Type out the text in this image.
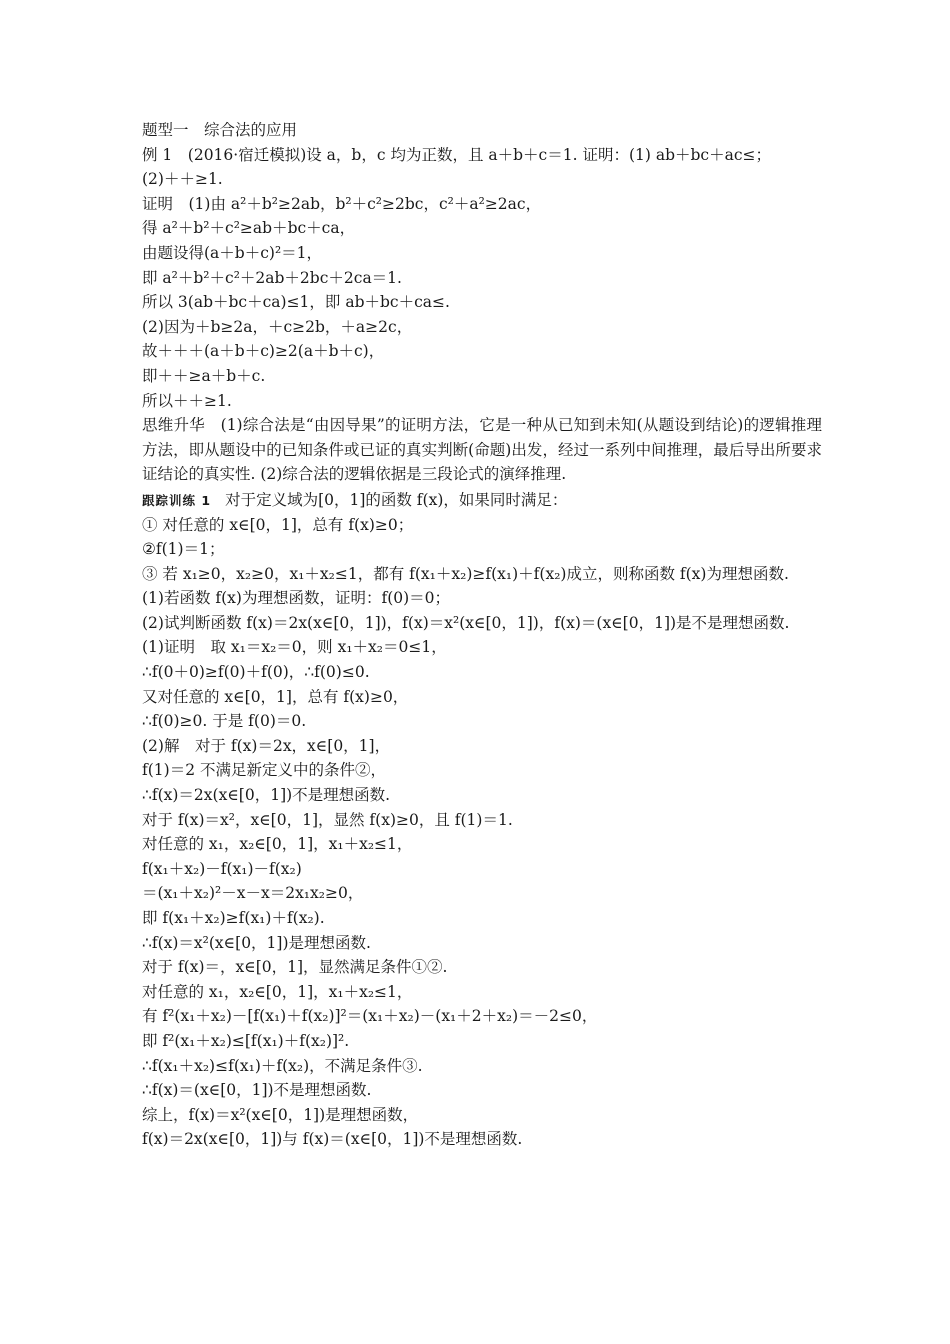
题型一　综合法的应用
例 1　(2016·宿迁模拟)设 a，b，c 均为正数，且 a＋b＋c＝1. 证明：(1) ab＋bc＋ac≤；
(2)＋＋≥1.
证明　(1)由 a²＋b²≥2ab，b²＋c²≥2bc，c²＋a²≥2ac，
得 a²＋b²＋c²≥ab＋bc＋ca，
由题设得(a＋b＋c)²＝1，
即 a²＋b²＋c²＋2ab＋2bc＋2ca＝1.
所以 3(ab＋bc＋ca)≤1，即 ab＋bc＋ca≤.
(2)因为＋b≥2a，＋c≥2b，＋a≥2c，
故＋＋＋(a＋b＋c)≥2(a＋b＋c)，
即＋＋≥a＋b＋c.
所以＋＋≥1.
思维升华　(1)综合法是“由因导果”的证明方法，它是一种从已知到未知(从题设到结论)的逻辑推理方法，即从题设中的已知条件或已证的真实判断(命题)出发，经过一系列中间推理，最后导出所要求证结论的真实性. (2)综合法的逻辑依据是三段论式的演绎推理.
跟踪训练 1 对于定义域为[0，1]的函数 f(x)，如果同时满足：
① 对任意的 x∈[0，1]，总有 f(x)≥0；
②f(1)＝1；
③ 若 x₁≥0，x₂≥0，x₁＋x₂≤1，都有 f(x₁＋x₂)≥f(x₁)＋f(x₂)成立，则称函数 f(x)为理想函数.
(1)若函数 f(x)为理想函数，证明：f(0)＝0；
(2)试判断函数 f(x)＝2x(x∈[0，1])，f(x)＝x²(x∈[0，1])，f(x)＝(x∈[0，1])是不是理想函数.
(1)证明　取 x₁＝x₂＝0，则 x₁＋x₂＝0≤1，
∴f(0＋0)≥f(0)＋f(0)，∴f(0)≤0.
又对任意的 x∈[0，1]，总有 f(x)≥0，
∴f(0)≥0. 于是 f(0)＝0.
(2)解　对于 f(x)＝2x，x∈[0，1]，
f(1)＝2 不满足新定义中的条件②，
∴f(x)＝2x(x∈[0，1])不是理想函数.
对于 f(x)＝x²，x∈[0，1]，显然 f(x)≥0，且 f(1)＝1.
对任意的 x₁，x₂∈[0，1]，x₁＋x₂≤1，
f(x₁＋x₂)－f(x₁)－f(x₂)
＝(x₁＋x₂)²－x－x＝2x₁x₂≥0，
即 f(x₁＋x₂)≥f(x₁)＋f(x₂).
∴f(x)＝x²(x∈[0，1])是理想函数.
对于 f(x)＝，x∈[0，1]，显然满足条件①②.
对任意的 x₁，x₂∈[0，1]，x₁＋x₂≤1，
有 f²(x₁＋x₂)－[f(x₁)＋f(x₂)]²＝(x₁＋x₂)－(x₁＋2＋x₂)＝－2≤0，
即 f²(x₁＋x₂)≤[f(x₁)＋f(x₂)]².
∴f(x₁＋x₂)≤f(x₁)＋f(x₂)，不满足条件③.
∴f(x)＝(x∈[0，1])不是理想函数.
综上，f(x)＝x²(x∈[0，1])是理想函数，
f(x)＝2x(x∈[0，1])与 f(x)＝(x∈[0，1])不是理想函数.
